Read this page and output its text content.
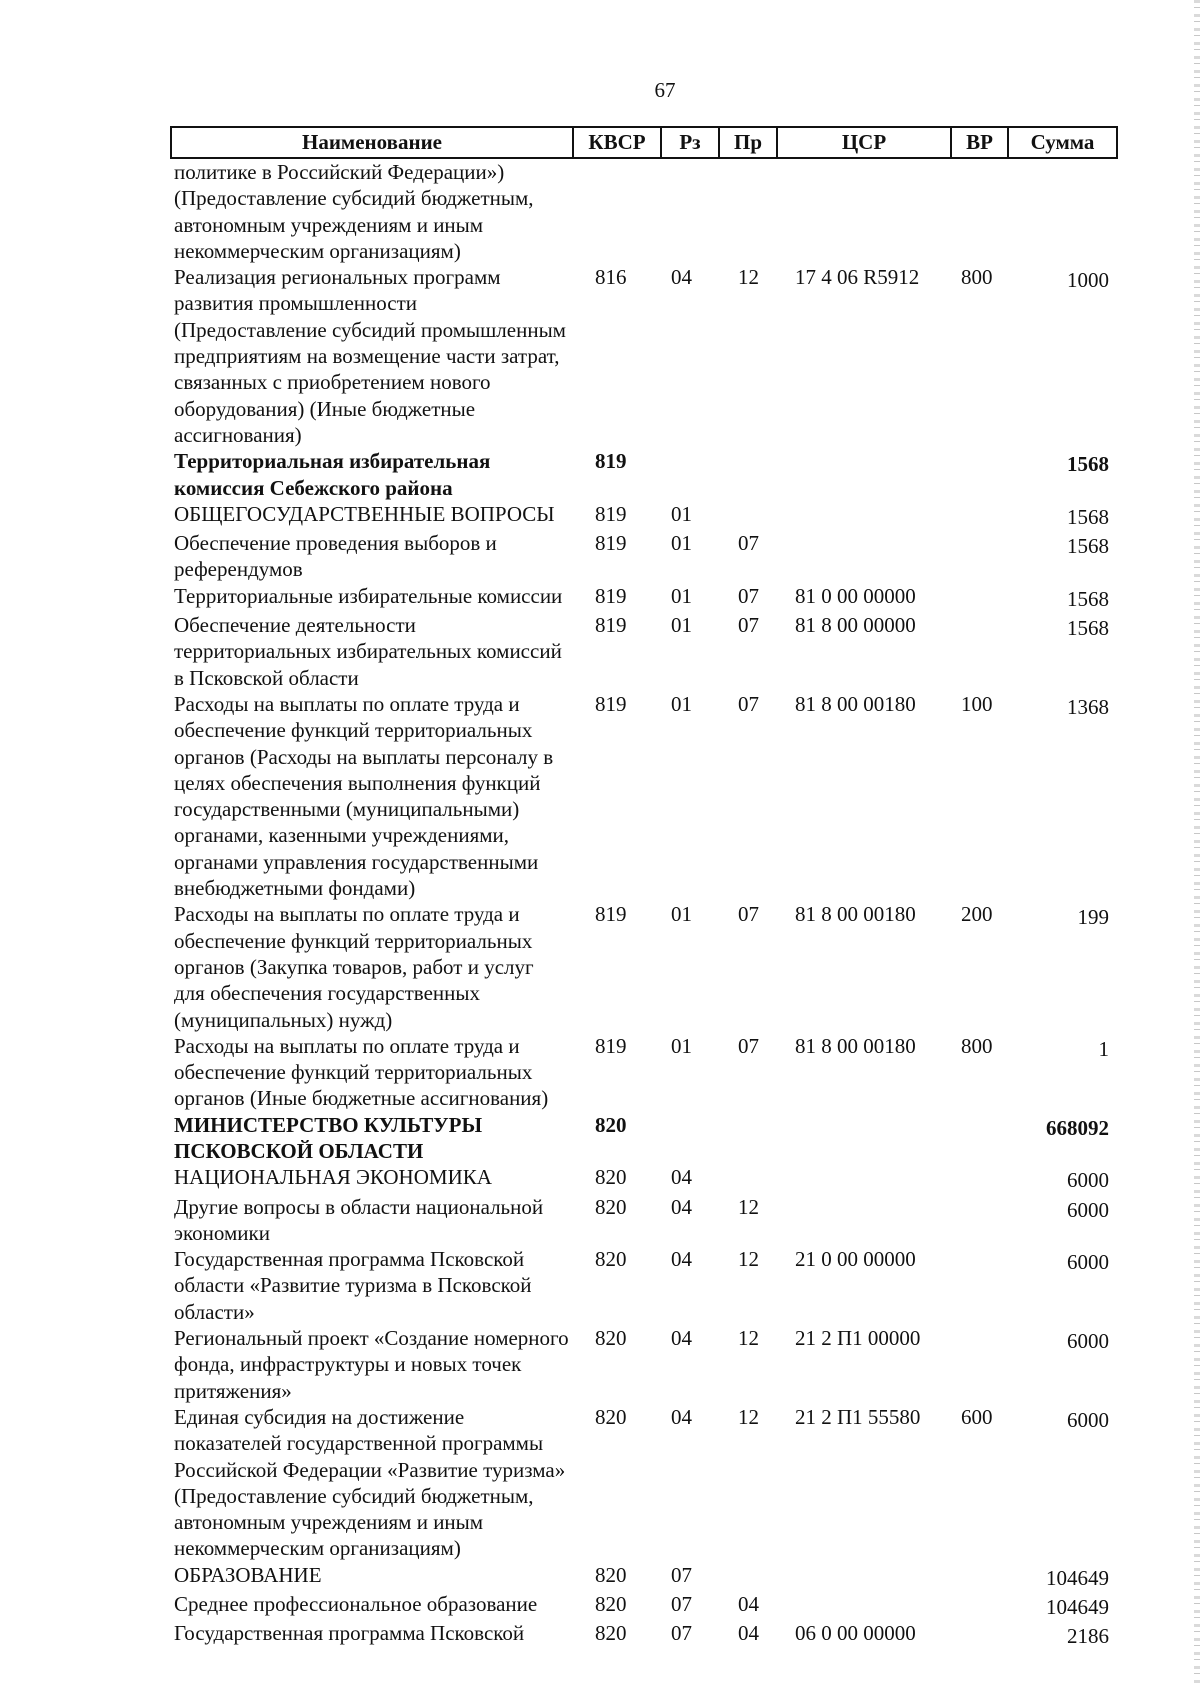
67
Наименование	КВСР	Рз	Пр	ЦСР	ВР	Сумма
политике в Российский Федерации») (Предоставление субсидий бюджетным, автономным учреждениям и иным некоммерческим организациям)						
Реализация региональных программ развития промышленности (Предоставление субсидий промышленным предприятиям на возмещение части затрат, связанных с приобретением нового оборудования) (Иные бюджетные ассигнования)	816	04	12	17 4 06 R5912	800	1000
Территориальная избирательная комиссия Себежского района	819					1568
ОБЩЕГОСУДАРСТВЕННЫЕ ВОПРОСЫ	819	01				1568
Обеспечение проведения выборов и референдумов	819	01	07			1568
Территориальные избирательные комиссии	819	01	07	81 0 00 00000		1568
Обеспечение деятельности территориальных избирательных комиссий в Псковской области	819	01	07	81 8 00 00000		1568
Расходы на выплаты по оплате труда и обеспечение функций территориальных органов (Расходы на выплаты персоналу в целях обеспечения выполнения функций государственными (муниципальными) органами, казенными учреждениями, органами управления государственными внебюджетными фондами)	819	01	07	81 8 00 00180	100	1368
Расходы на выплаты по оплате труда и обеспечение функций территориальных органов (Закупка товаров, работ и услуг для обеспечения государственных (муниципальных) нужд)	819	01	07	81 8 00 00180	200	199
Расходы на выплаты по оплате труда и обеспечение функций территориальных органов (Иные бюджетные ассигнования)	819	01	07	81 8 00 00180	800	1
МИНИСТЕРСТВО КУЛЬТУРЫ ПСКОВСКОЙ ОБЛАСТИ	820					668092
НАЦИОНАЛЬНАЯ ЭКОНОМИКА	820	04				6000
Другие вопросы в области национальной экономики	820	04	12			6000
Государственная программа Псковской области «Развитие туризма в Псковской области»	820	04	12	21 0 00 00000		6000
Региональный проект «Создание номерного фонда, инфраструктуры и новых точек притяжения»	820	04	12	21 2 П1 00000		6000
Единая субсидия на достижение показателей государственной программы Российской Федерации «Развитие туризма» (Предоставление субсидий бюджетным, автономным учреждениям и иным некоммерческим организациям)	820	04	12	21 2 П1 55580	600	6000
ОБРАЗОВАНИЕ	820	07				104649
Среднее профессиональное образование	820	07	04			104649
Государственная программа Псковской	820	07	04	06 0 00 00000		2186
